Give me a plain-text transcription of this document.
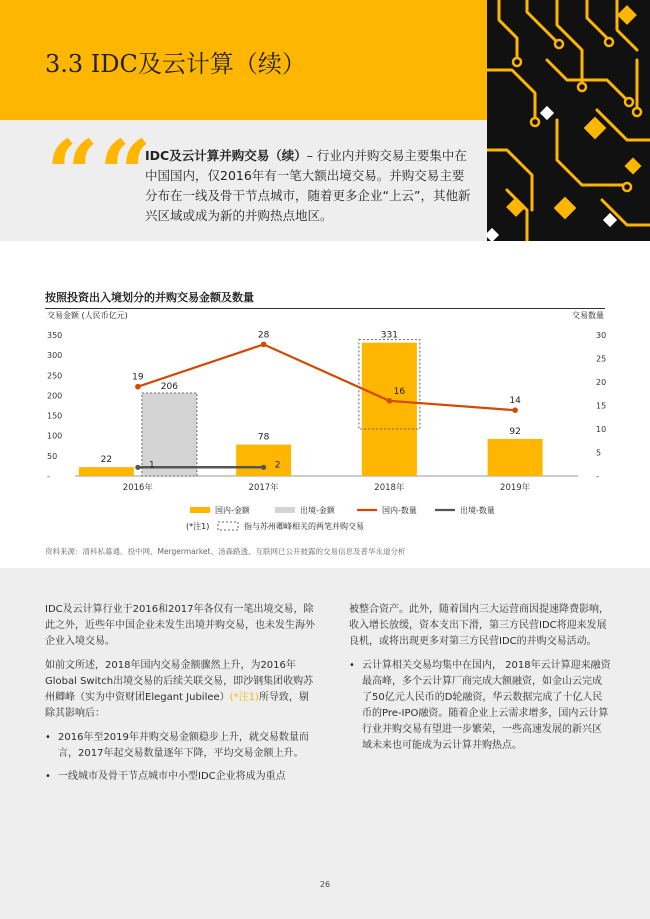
3.3 IDC及云计算（续）
““
IDC及云计算并购交易（续）– 行业内并购交易主要集中在中国国内，仅2016年有一笔大额出境交易。并购交易主要分布在一线及骨干节点城市，随着更多企业“上云”，其他新兴区域或成为新的并购热点地区。
按照投资出入境划分的并购交易金额及数量
交易金额 (人民币亿元)	交易数量
350
300
250
200
150
100
50
-
30
25
20
15
10
5
-
206
22
78
331
92
19
28
16
14
1	2
2016年	2017年	2018年	2019年
国内-金额	出境-金额	国内-数量	出境-数量
(*注1)	指与苏州卿峰相关的两笔并购交易
资料来源：清科私募通、投中网、Mergermarket、汤森路透、互联网已公开披露的交易信息及普华永道分析

IDC及云计算行业于2016和2017年各仅有一笔出境交易，除此之外，近些年中国企业未发生出境并购交易，也未发生海外企业入境交易。

如前文所述，2018年国内交易金额骤然上升，为2016年Global Switch出境交易的后续关联交易，即沙钢集团收购苏州卿峰（实为中资财团Elegant Jubilee）(*注1)所导致，剔除其影响后：

• 2016年至2019年并购交易金额稳步上升，就交易数量而言，2017年起交易数量逐年下降，平均交易金额上升。
• 一线城市及骨干节点城市中小型IDC企业将成为重点

被整合资产。此外，随着国内三大运营商因提速降费影响，收入增长放缓，资本支出下滑，第三方民营IDC将迎来发展良机，或将出现更多对第三方民营IDC的并购交易活动。

• 云计算相关交易均集中在国内， 2018年云计算迎来融资最高峰，多个云计算厂商完成大额融资，如金山云完成了50亿元人民币的D轮融资，华云数据完成了十亿人民币的Pre-IPO融资。随着企业上云需求增多，国内云计算行业并购交易有望进一步繁荣，一些高速发展的新兴区域未来也可能成为云计算并购热点。
26
